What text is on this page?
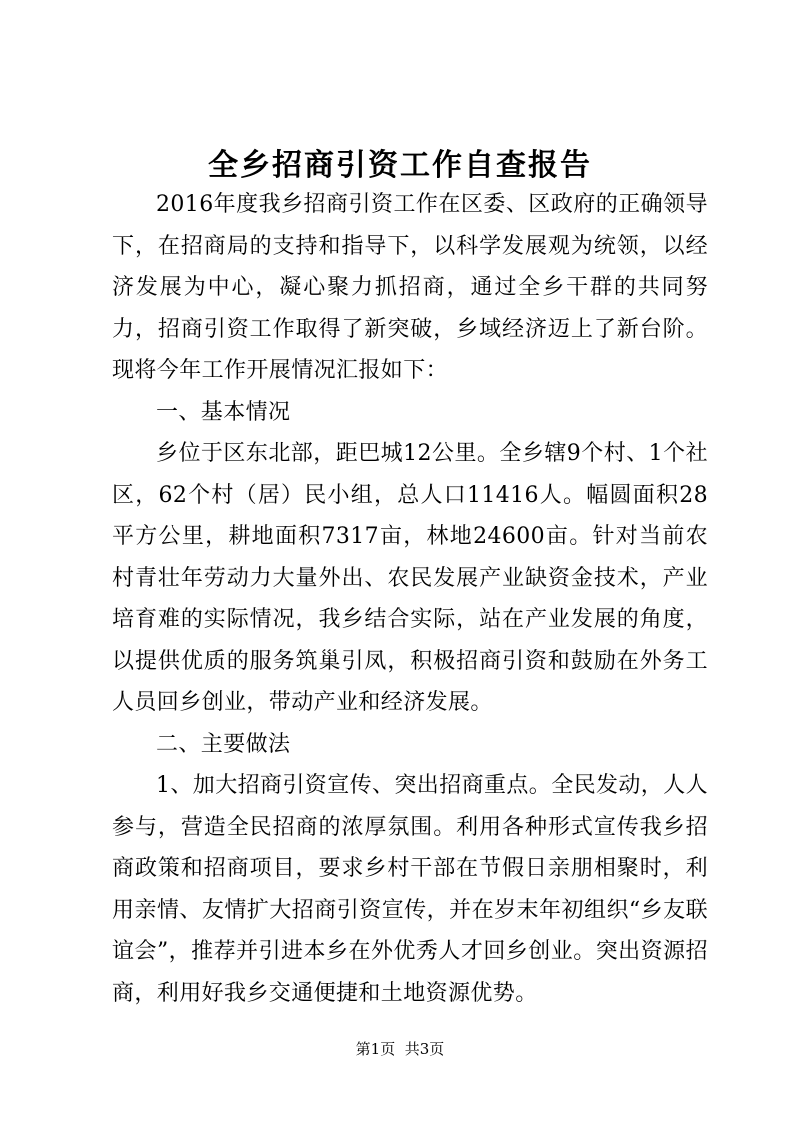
全乡招商引资工作自查报告

2016年度我乡招商引资工作在区委、区政府的正确领导下，在招商局的支持和指导下，以科学发展观为统领，以经济发展为中心，凝心聚力抓招商，通过全乡干群的共同努力，招商引资工作取得了新突破，乡域经济迈上了新台阶。现将今年工作开展情况汇报如下：

一、基本情况

乡位于区东北部，距巴城12公里。全乡辖9个村、1个社区，62个村（居）民小组，总人口11416人。幅圆面积28平方公里，耕地面积7317亩，林地24600亩。针对当前农村青壮年劳动力大量外出、农民发展产业缺资金技术，产业培育难的实际情况，我乡结合实际，站在产业发展的角度，以提供优质的服务筑巢引凤，积极招商引资和鼓励在外务工人员回乡创业，带动产业和经济发展。

二、主要做法

1、加大招商引资宣传、突出招商重点。全民发动，人人参与，营造全民招商的浓厚氛围。利用各种形式宣传我乡招商政策和招商项目，要求乡村干部在节假日亲朋相聚时，利用亲情、友情扩大招商引资宣传，并在岁末年初组织“乡友联谊会”，推荐并引进本乡在外优秀人才回乡创业。突出资源招商，利用好我乡交通便捷和土地资源优势。

第1页 共3页
